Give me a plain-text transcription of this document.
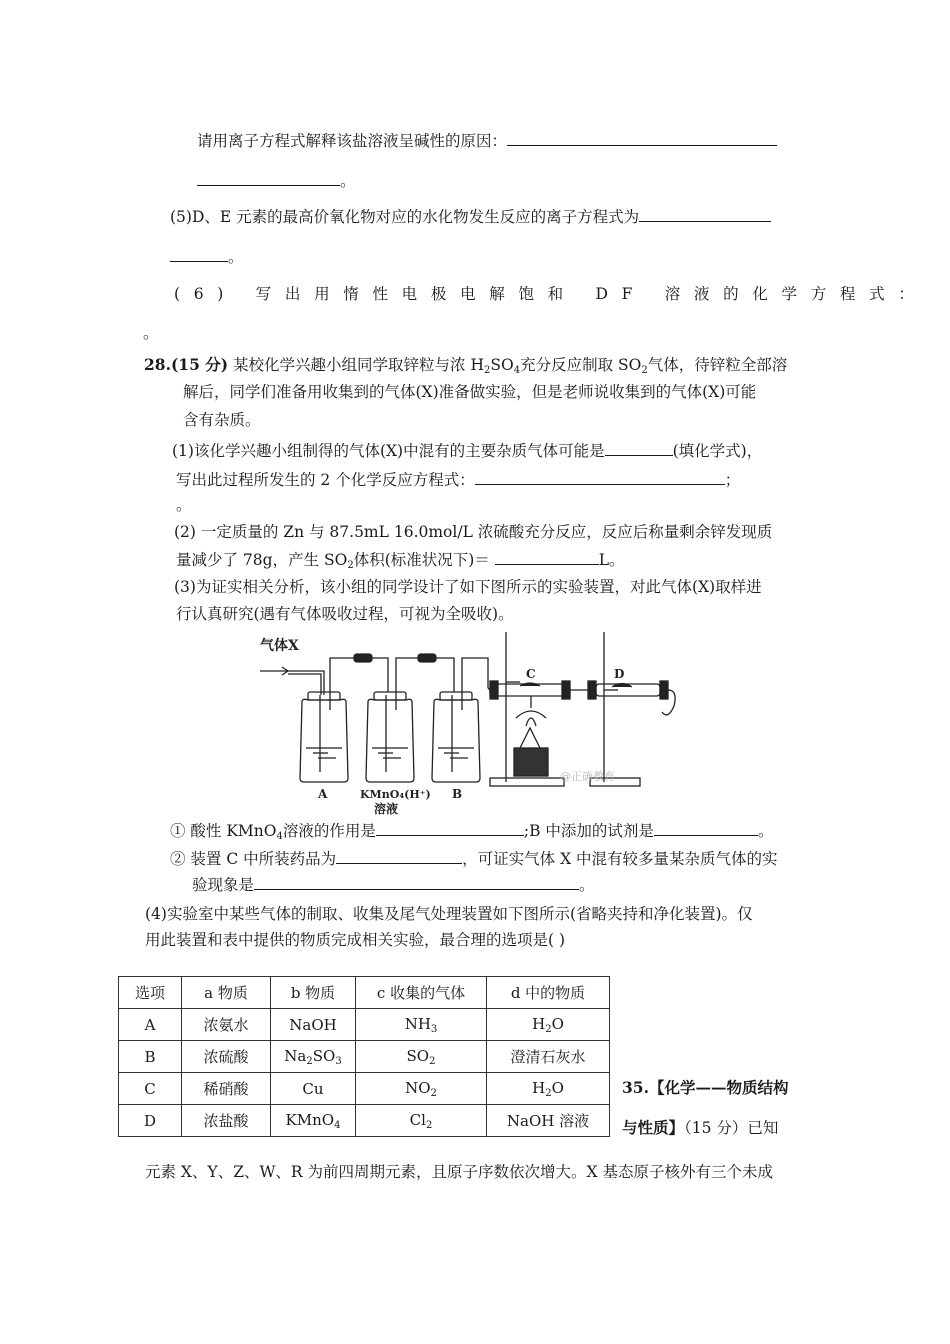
请用离子方程式解释该盐溶液呈碱性的原因：
。
(5)D、E 元素的最高价氧化物对应的水化物发生反应的离子方程式为
。
(6) 写出用惰性电极电解饱和 DF 溶液的化学方程式：
。
28.(15 分) 某校化学兴趣小组同学取锌粒与浓 $H_2SO_4$充分反应制取 $SO_2$气体，待锌粒全部溶
解后，同学们准备用收集到的气体(X)准备做实验，但是老师说收集到的气体(X)可能
含有杂质。
(1)该化学兴趣小组制得的气体(X)中混有的主要杂质气体可能是	(填化学式)，
写出此过程所发生的 2 个化学反应方程式：	；
。
(2) 一定质量的 Zn 与 87.5mL 16.0mol/L 浓硫酸充分反应，反应后称量剩余锌发现质
量减少了 78g，产生 $SO_2$体积(标准状况下)＝	L。
(3)为证实相关分析，该小组的同学设计了如下图所示的实验装置，对此气体(X)取样进
行认真研究(遇有气体吸收过程，可视为全吸收)。
气体X
A	KMnO₄(H⁺)
溶液
B
C	D
@正确教育
① 酸性 KMnO$_4$溶液的作用是	;B 中添加的试剂是	。
② 装置 C 中所装药品为	，可证实气体 X 中混有较多量某杂质气体的实
验现象是	。
(4)实验室中某些气体的制取、收集及尾气处理装置如下图所示(省略夹持和净化装置)。仅
用此装置和表中提供的物质完成相关实验，最合理的选项是( )
选项	a 物质	b 物质	c 收集的气体	d 中的物质
A	浓氨水	NaOH	$NH_3$	$H_2O$
B	浓硫酸	$Na_2SO_3$	$SO_2$	澄清石灰水
C	稀硝酸	Cu	$NO_2$	$H_2O$
D	浓盐酸	KMnO$_4$	$Cl_2$	NaOH 溶液
35.【化学——物质结构
与性质】（15 分）已知
元素 X、Y、Z、W、R 为前四周期元素，且原子序数依次增大。X 基态原子核外有三个未成
